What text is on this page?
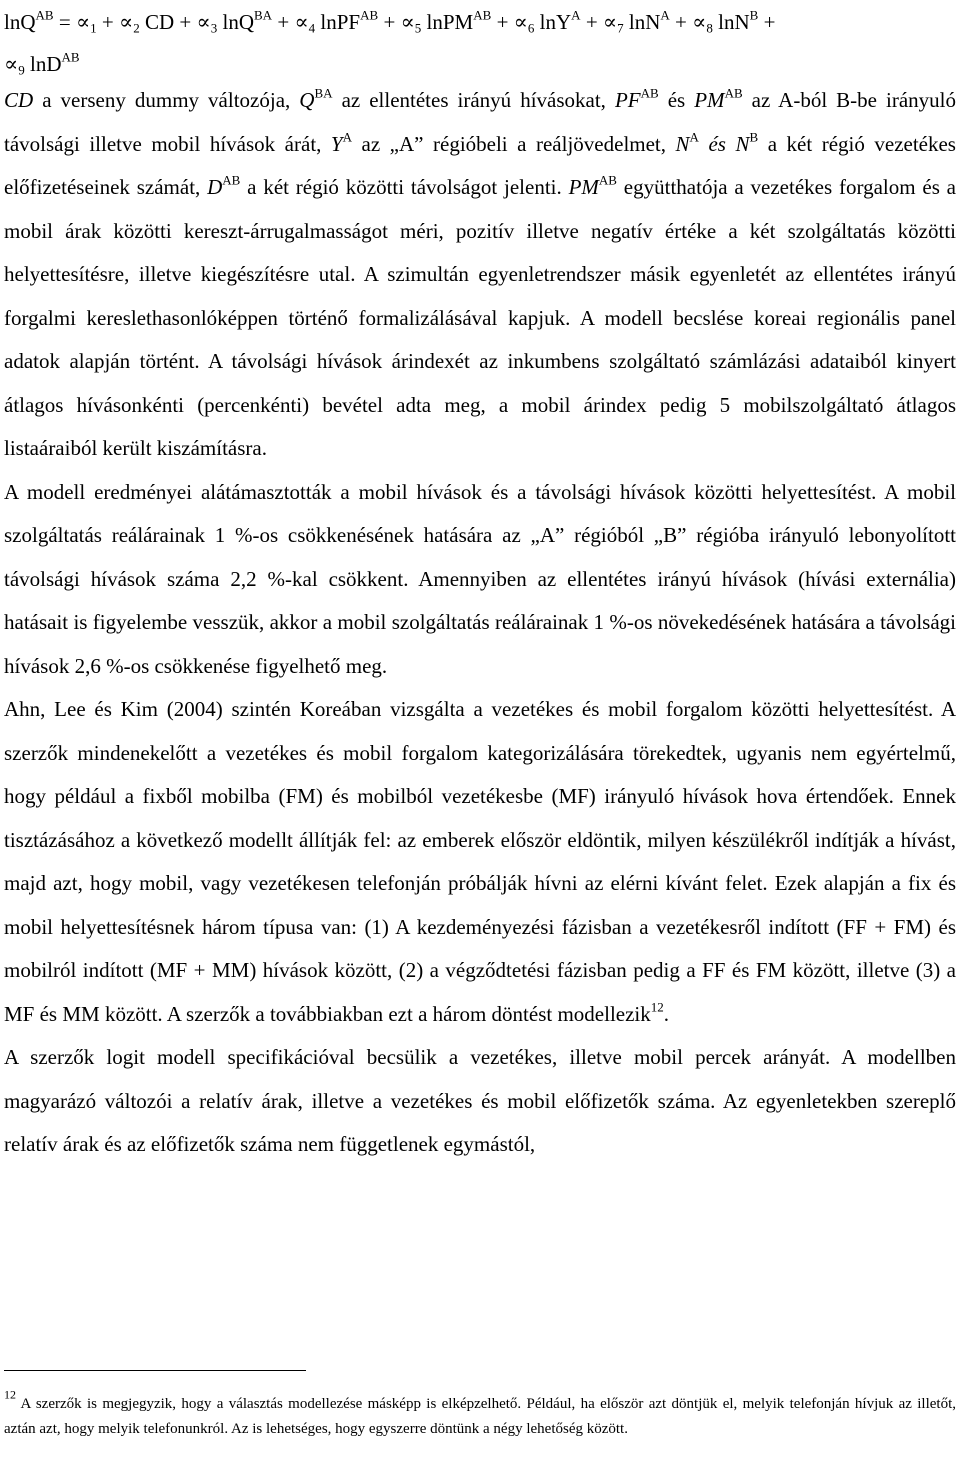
$\ln Q^{AB} = \propto_1 + \propto_2$ CD + $\propto_3$ $\ln Q^{BA} + \propto_4$ lnPF$^{AB}$ + $\propto_5$ lnPM$^{AB}$ + $\propto_6$ $\ln Y^A + \propto_7$ $\ln N^A + \propto_8$ lnN$^B$ +
$\propto_9$ lnD$^{AB}$

CD a verseny dummy változója, $Q^{BA}$ az ellentétes irányú hívásokat, $PF^{AB}$ és $PM^{AB}$ az A-ból B-be irányuló távolsági illetve mobil hívások árát, $Y^A$ az „A” régióbeli a reáljövedelmet, $N^A$ és $N^B$ a két régió vezetékes előfizetéseinek számát, $D^{AB}$ a két régió közötti távolságot jelenti. $PM^{AB}$ együtthatója a vezetékes forgalom és a mobil árak közötti kereszt-árrugalmasságot méri, pozitív illetve negatív értéke a két szolgáltatás közötti helyettesítésre, illetve kiegészítésre utal. A szimultán egyenletrendszer másik egyenletét az ellentétes irányú forgalmi kereslethasonlóképpen történő formalizálásával kapjuk. A modell becslése koreai regionális panel adatok alapján történt. A távolsági hívások árindexét az inkumbens szolgáltató számlázási adataiból kinyert átlagos hívásonkénti (percenkénti) bevétel adta meg, a mobil árindex pedig 5 mobilszolgáltató átlagos listaáraiból került kiszámításra.

A modell eredményei alátámasztották a mobil hívások és a távolsági hívások közötti helyettesítést. A mobil szolgáltatás reálárainak 1 %-os csökkenésének hatására az „A” régióból „B” régióba irányuló lebonyolított távolsági hívások száma 2,2 %-kal csökkent. Amennyiben az ellentétes irányú hívások (hívási externália) hatásait is figyelembe vesszük, akkor a mobil szolgáltatás reálárainak 1 %-os növekedésének hatására a távolsági hívások 2,6 %-os csökkenése figyelhető meg.

Ahn, Lee és Kim (2004) szintén Koreában vizsgálta a vezetékes és mobil forgalom közötti helyettesítést. A szerzők mindenekelőtt a vezetékes és mobil forgalom kategorizálására törekedtek, ugyanis nem egyértelmű, hogy például a fixből mobilba (FM) és mobilból vezetékesbe (MF) irányuló hívások hova értendőek. Ennek tisztázásához a következő modellt állítják fel: az emberek először eldöntik, milyen készülékről indítják a hívást, majd azt, hogy mobil, vagy vezetékesen telefonján próbálják hívni az elérni kívánt felet. Ezek alapján a fix és mobil helyettesítésnek három típusa van: (1) A kezdeményezési fázisban a vezetékesről indított (FF + FM) és mobilról indított (MF + MM) hívások között, (2) a végződtetési fázisban pedig a FF és FM között, illetve (3) a MF és MM között. A szerzők a továbbiakban ezt a három döntést modellezik$^{12}$.

A szerzők logit modell specifikációval becsülik a vezetékes, illetve mobil percek arányát. A modellben magyarázó változói a relatív árak, illetve a vezetékes és mobil előfizetők száma. Az egyenletekben szereplő relatív árak és az előfizetők száma nem függetlenek egymástól,

$^{12}$ A szerzők is megjegyzik, hogy a választás modellezése másképp is elképzelhető. Például, ha először azt döntjük el, melyik telefonján hívjuk az illetőt, aztán azt, hogy melyik telefonunkról. Az is lehetséges, hogy egyszerre döntünk a négy lehetőség között.
